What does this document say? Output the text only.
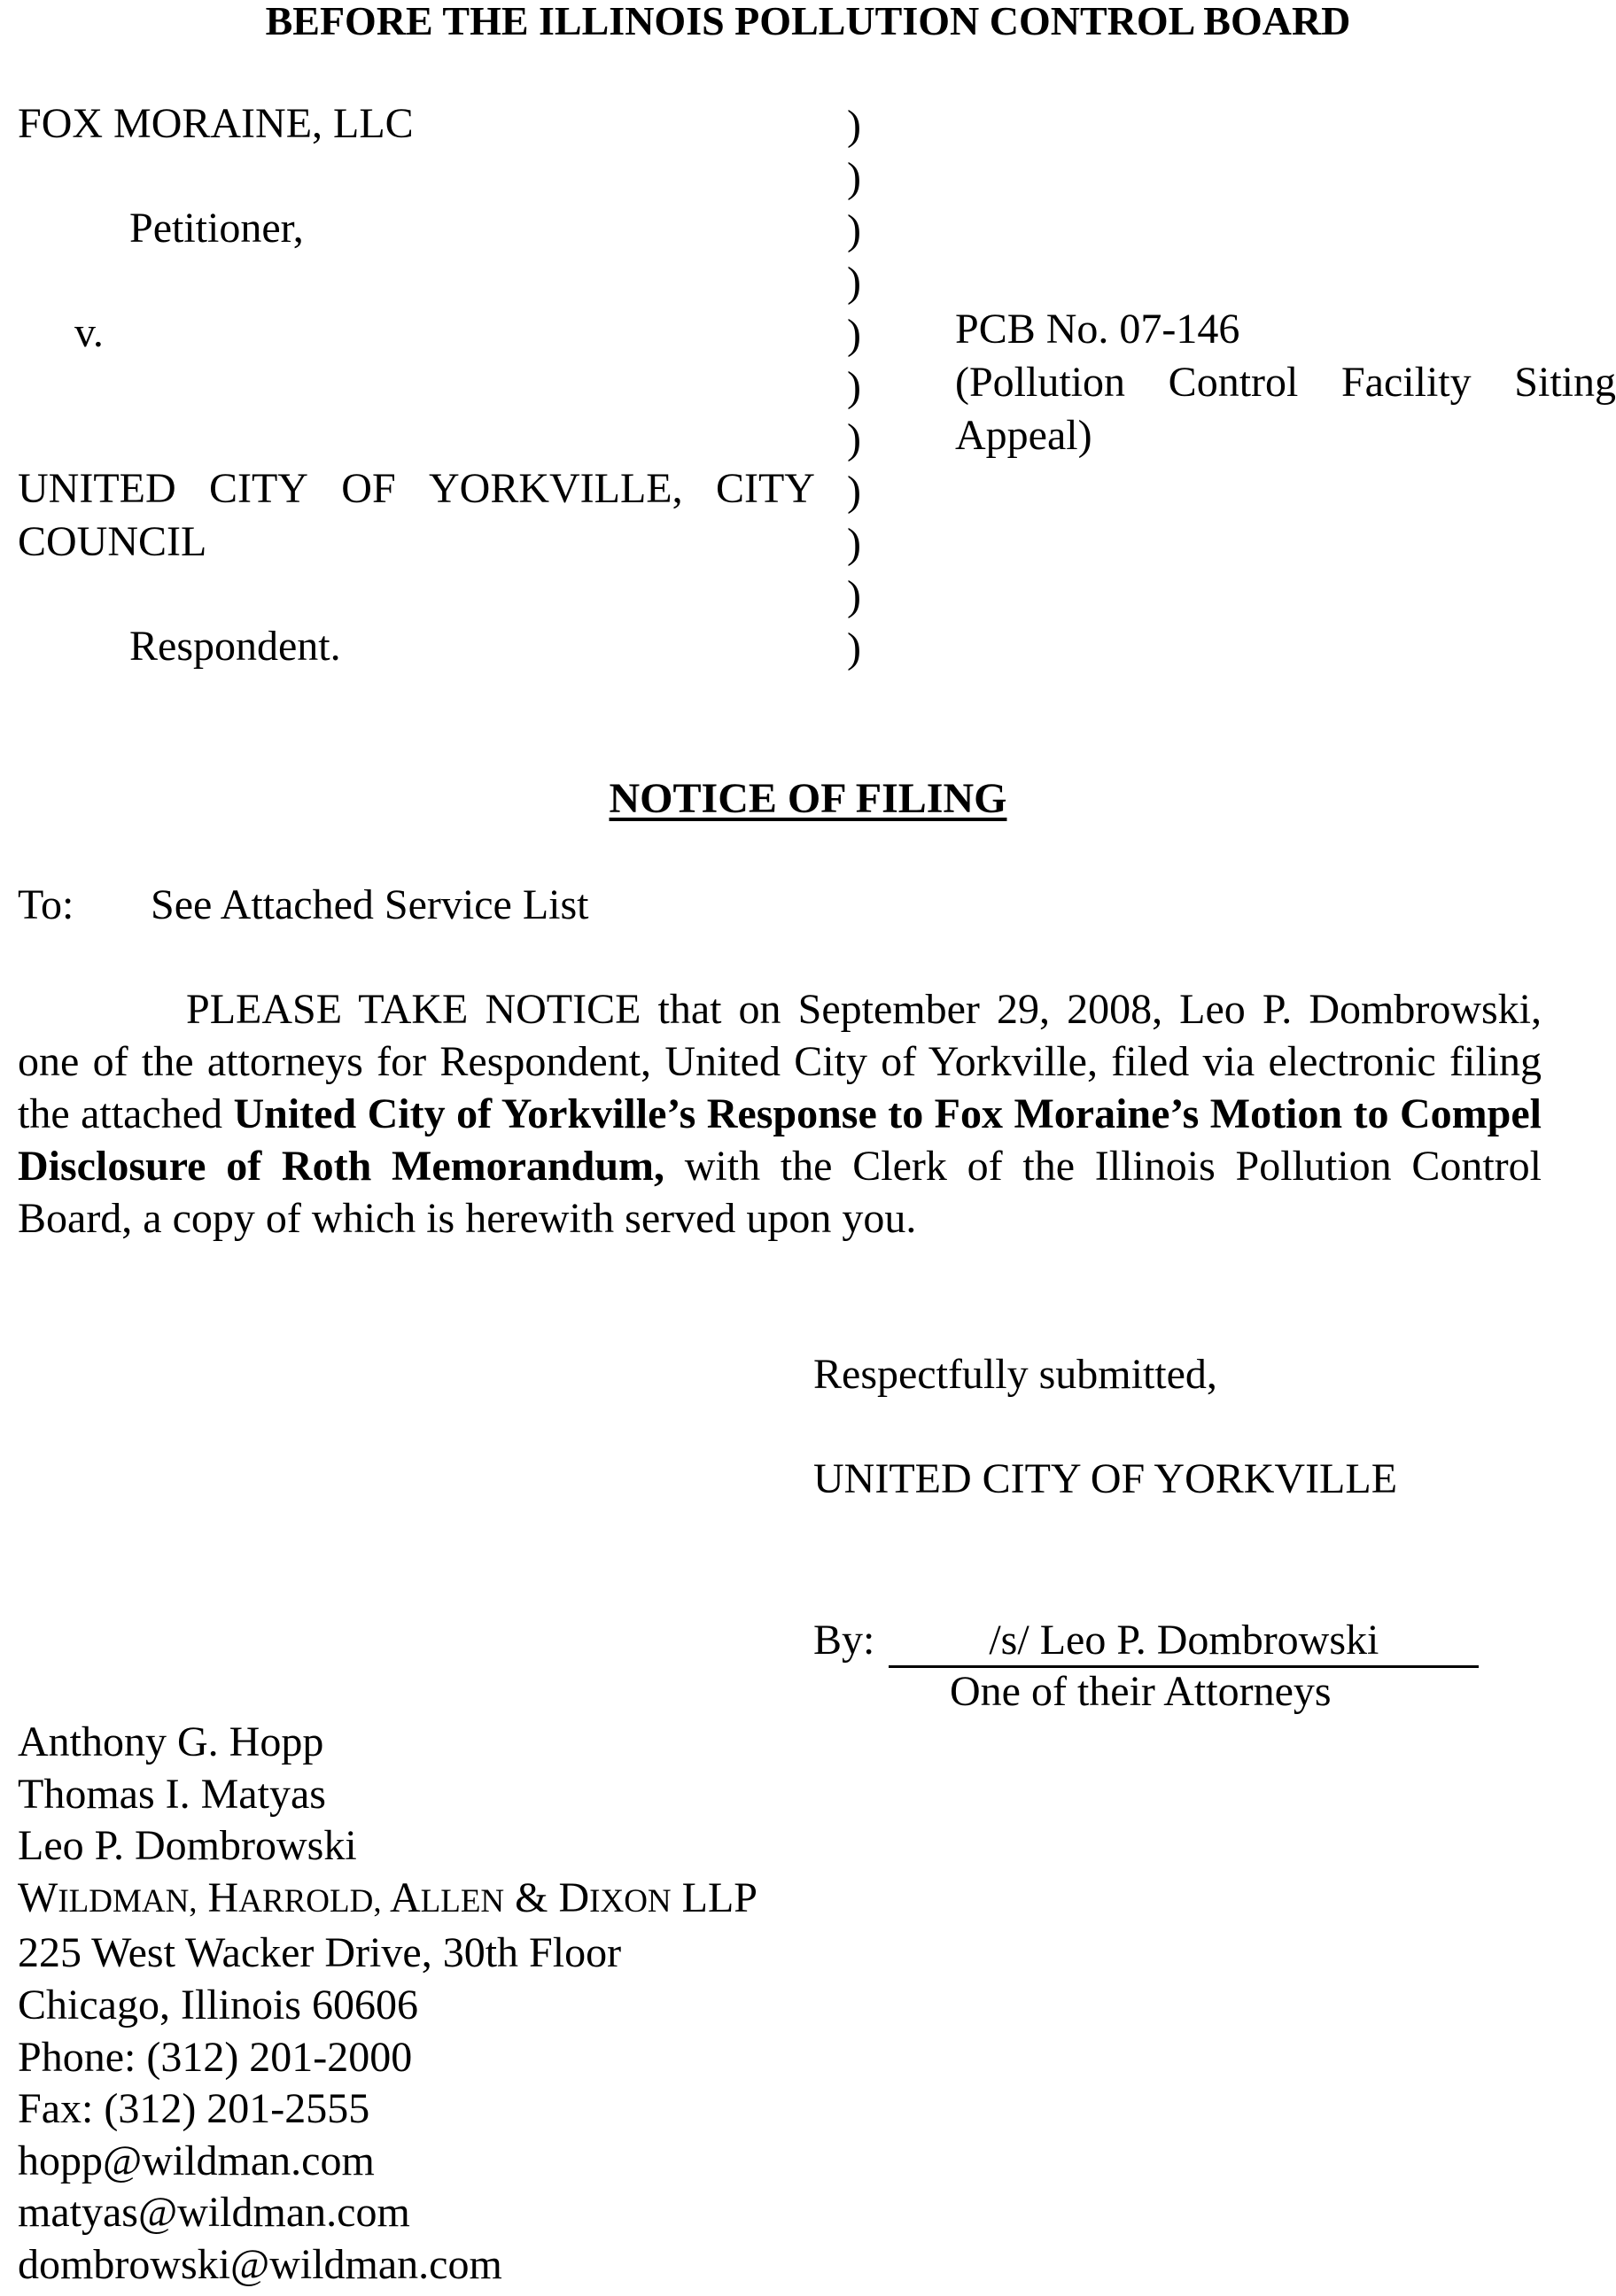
BEFORE THE ILLINOIS POLLUTION CONTROL BOARD
FOX MORAINE, LLC
Petitioner,
v.
UNITED CITY OF YORKVILLE, CITY
COUNCIL
Respondent.
)
)
)
)
)
)
)
)
)
)
)
PCB No. 07-146
(Pollution Control Facility Siting
Appeal)
NOTICE OF FILING
To: See Attached Service List
PLEASE TAKE NOTICE that on September 29, 2008, Leo P. Dombrowski, one of the attorneys for Respondent, United City of Yorkville, filed via electronic filing the attached United City of Yorkville’s Response to Fox Moraine’s Motion to Compel Disclosure of Roth Memorandum, with the Clerk of the Illinois Pollution Control Board, a copy of which is herewith served upon you.
Respectfully submitted,
UNITED CITY OF YORKVILLE
By:	/s/ Leo P. Dombrowski
One of their Attorneys
Anthony G. Hopp
Thomas I. Matyas
Leo P. Dombrowski
WILDMAN, HARROLD, ALLEN & DIXON LLP
225 West Wacker Drive, 30th Floor
Chicago, Illinois 60606
Phone: (312) 201-2000
Fax: (312) 201-2555
hopp@wildman.com
matyas@wildman.com
dombrowski@wildman.com
